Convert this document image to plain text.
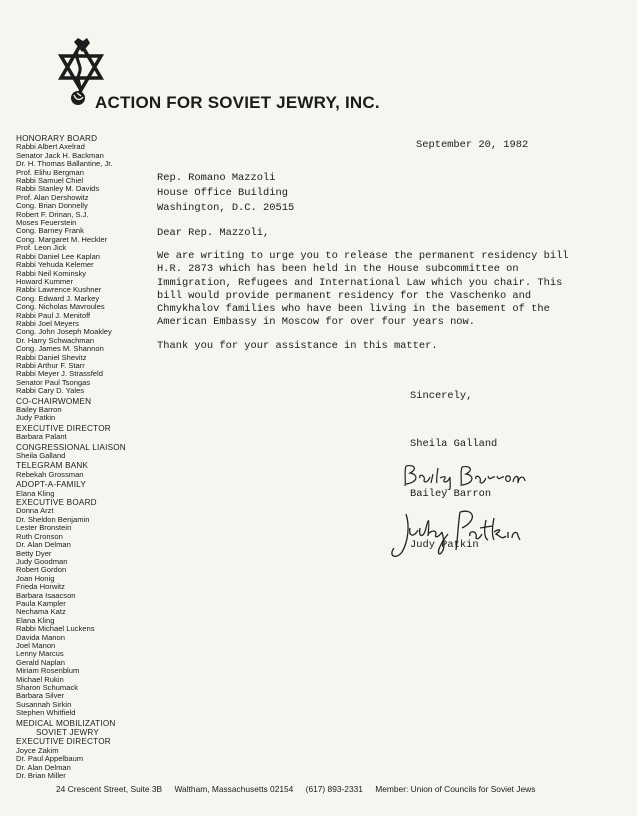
ACTION FOR SOVIET JEWRY, INC.
HONORARY BOARD
Rabbi Albert Axelrad
Senator Jack H. Backman
Dr. H. Thomas Ballantine, Jr.
Prof. Elihu Bergman
Rabbi Samuel Chiel
Rabbi Stanley M. Davids
Prof. Alan Dershowitz
Cong. Brian Donnelly
Robert F. Drinan, S.J.
Moses Feuerstein
Cong. Barney Frank
Cong. Margaret M. Heckler
Prof. Leon Jick
Rabbi Daniel Lee Kaplan
Rabbi Yehuda Kelemer
Rabbi Neil Kominsky
Howard Kummer
Rabbi Lawrence Kushner
Cong. Edward J. Markey
Cong. Nicholas Mavroules
Rabbi Paul J. Menitoff
Rabbi Joel Meyers
Cong. John Joseph Moakley
Dr. Harry Schwachman
Cong. James M. Shannon
Rabbi Daniel Shevitz
Rabbi Arthur F. Starr
Rabbi Meyer J. Strassfeld
Senator Paul Tsongas
Rabbi Cary D. Yales
CO-CHAIRWOMEN
Bailey Barron
Judy Patkin
EXECUTIVE DIRECTOR
Barbara Palant
CONGRESSIONAL LIAISON
Sheila Galland
TELEGRAM BANK
Rebekah Grossman
ADOPT-A-FAMILY
Elana Kling
EXECUTIVE BOARD
Donna Arzt
Dr. Sheldon Benjamin
Lester Bronstein
Ruth Cronson
Dr. Alan Delman
Betty Dyer
Judy Goodman
Robert Gordon
Joan Honig
Frieda Horwitz
Barbara Isaacson
Paula Kampler
Nechama Katz
Elana Kling
Rabbi Michael Luckens
Davida Manon
Joel Manon
Lenny Marcus
Gerald Naplan
Miriam Rosenblum
Michael Rukin
Sharon Schumack
Barbara Silver
Susannah Sirkin
Stephen Whitfield
MEDICAL MOBILIZATION
SOVIET JEWRY
EXECUTIVE DIRECTOR
Joyce Zakim
Dr. Paul Appelbaum
Dr. Alan Delman
Dr. Brian Miller
September 20, 1982
Rep. Romano Mazzoli
House Office Building
Washington, D.C. 20515
Dear Rep. Mazzoli,
We are writing to urge you to release the permanent residency bill
H.R. 2873 which has been held in the House subcommittee on
Immigration, Refugees and International Law which you chair. This
bill would provide permanent residency for the Vaschenko and
Chmykhalov families who have been living in the basement of the
American Embassy in Moscow for over four years now.
Thank you for your assistance in this matter.
Sincerely,
Sheila Galland
Bailey Barron
Judy Patkin
24 Crescent Street, Suite 3B Waltham, Massachusetts 02154 (617) 893-2331 Member: Union of Councils for Soviet Jews
